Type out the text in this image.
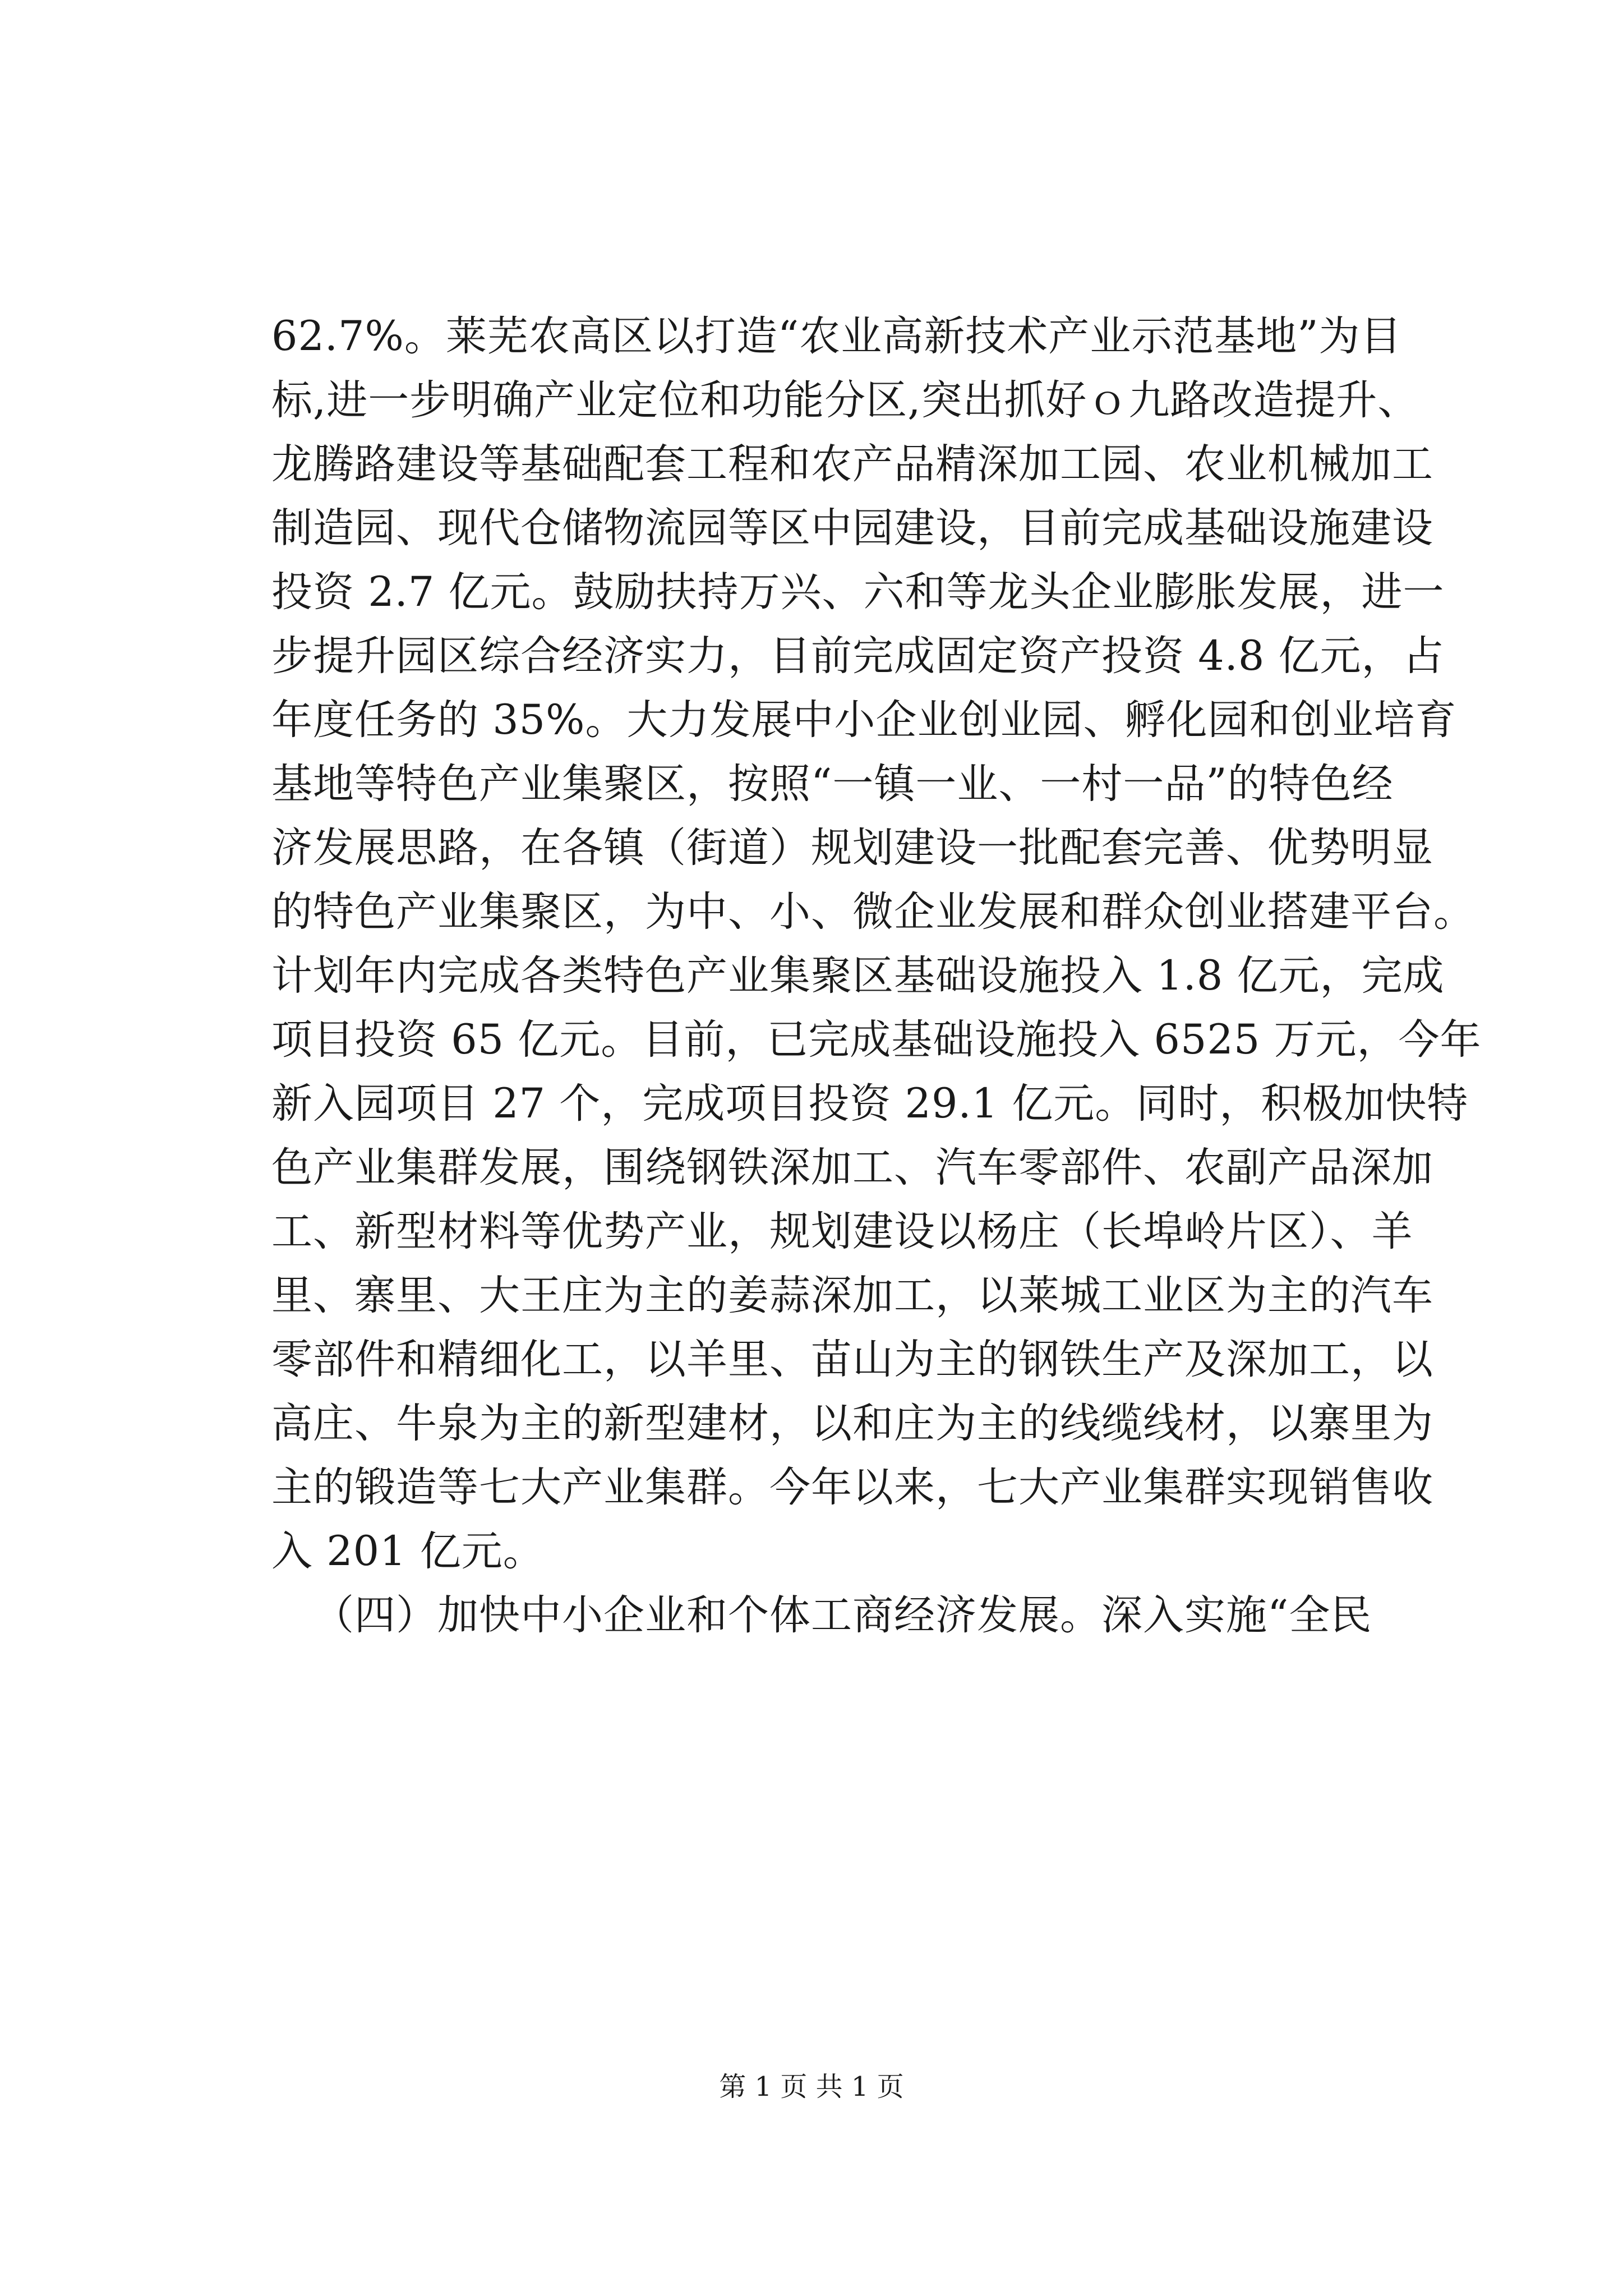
62.7%。莱芜农高区以打造“农业高新技术产业示范基地”为目
标,进一步明确产业定位和功能分区,突出抓好ｏ九路改造提升、
龙腾路建设等基础配套工程和农产品精深加工园、农业机械加工
制造园、现代仓储物流园等区中园建设，目前完成基础设施建设
投资 2.7 亿元。鼓励扶持万兴、六和等龙头企业膨胀发展，进一
步提升园区综合经济实力，目前完成固定资产投资 4.8 亿元，占
年度任务的 35%。大力发展中小企业创业园、孵化园和创业培育
基地等特色产业集聚区，按照“一镇一业、一村一品”的特色经
济发展思路，在各镇（街道）规划建设一批配套完善、优势明显
的特色产业集聚区，为中、小、微企业发展和群众创业搭建平台。
计划年内完成各类特色产业集聚区基础设施投入 1.8 亿元，完成
项目投资 65 亿元。目前，已完成基础设施投入 6525 万元，今年
新入园项目 27 个，完成项目投资 29.1 亿元。同时，积极加快特
色产业集群发展，围绕钢铁深加工、汽车零部件、农副产品深加
工、新型材料等优势产业，规划建设以杨庄（长埠岭片区）、羊
里、寨里、大王庄为主的姜蒜深加工，以莱城工业区为主的汽车
零部件和精细化工，以羊里、苗山为主的钢铁生产及深加工，以
高庄、牛泉为主的新型建材，以和庄为主的线缆线材，以寨里为
主的锻造等七大产业集群。今年以来，七大产业集群实现销售收
入 201 亿元。
（四）加快中小企业和个体工商经济发展。深入实施“全民
第 1 页 共 1 页
